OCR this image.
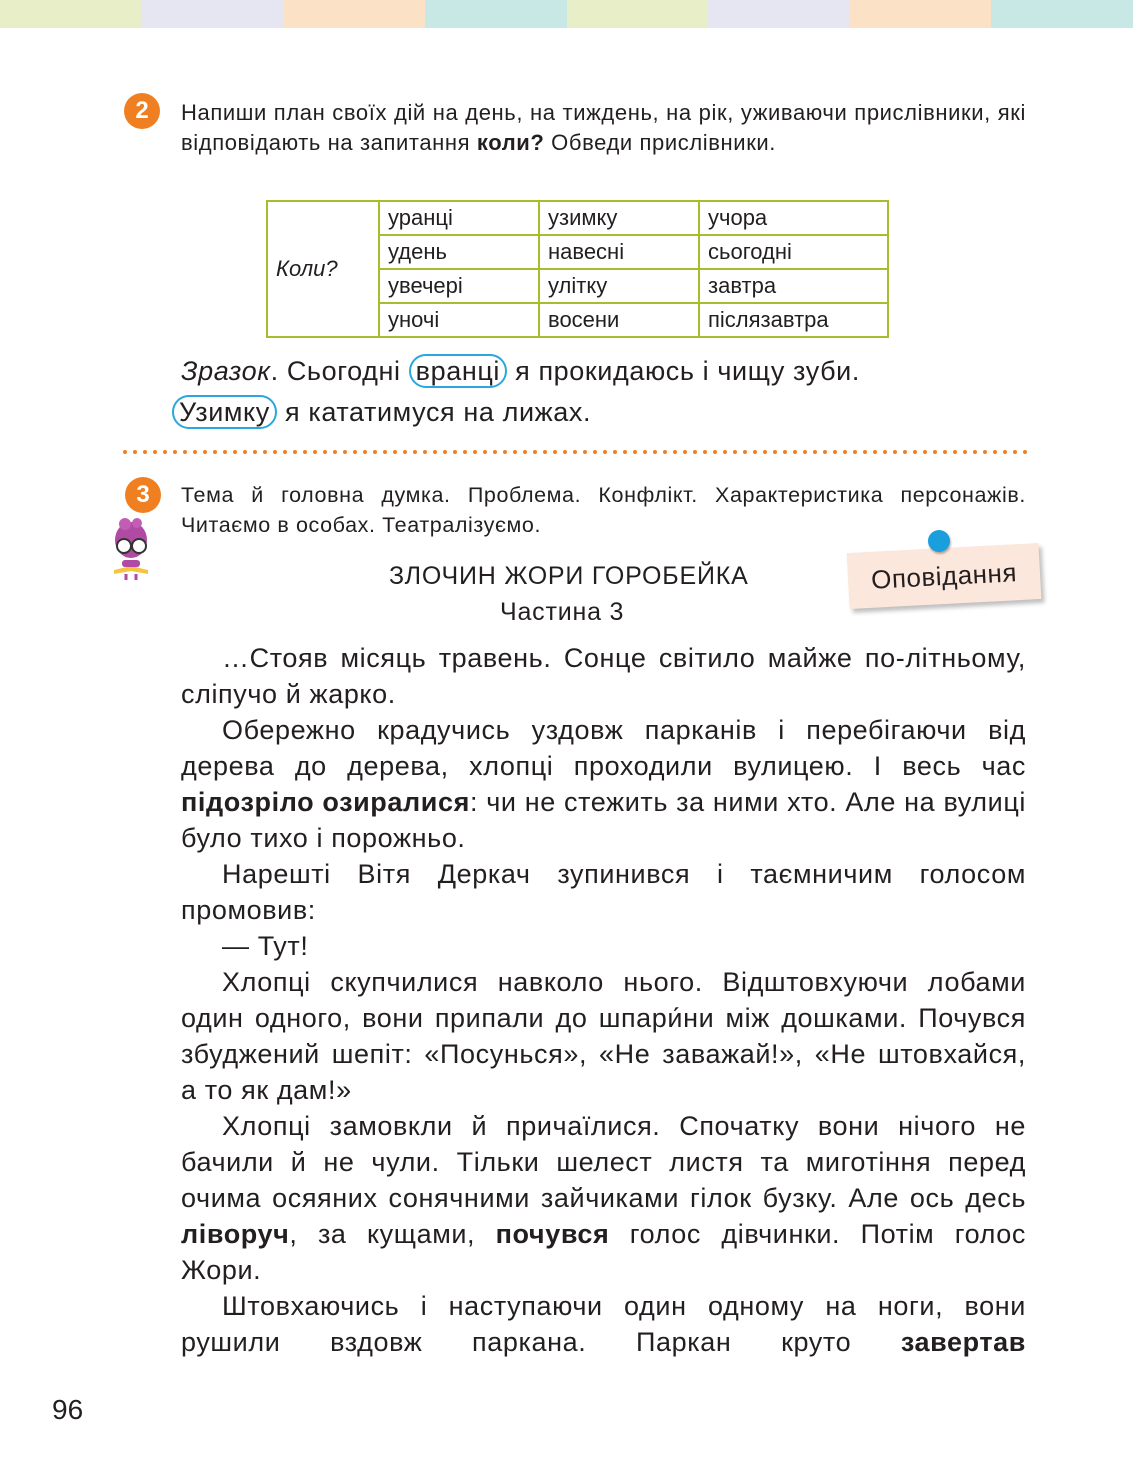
2	Напиши план своїх дій на день, на тиждень, на рік, уживаючи прислівники, які відповідають на запитання коли? Обведи прислівники.
Коли?	уранці	узимку	учора
	удень	навесні	сьогодні
	увечері	улітку	завтра
	уночі	восени	післязавтра
Зразок. Сьогодні вранці я прокидаюсь і чищу зуби.
Узимку я кататимуся на лижах.
3	Тема й головна думка. Проблема. Конфлікт. Характеристика персонажів. Читаємо в особах. Театралізуємо.
ЗЛОЧИН ЖОРИ ГОРОБЕЙКА
Частина 3
Оповідання

…Стояв місяць травень. Сонце світило майже по-літньому, сліпучо й жарко.

Обережно крадучись уздовж парканів і перебігаючи від дерева до дерева, хлопці проходили вулицею. І весь час підозріло озиралися: чи не стежить за ними хто. Але на вулиці було тихо і порожньо.

Нарешті Вітя Деркач зупинився і таємничим голосом промовив:

— Тут!

Хлопці скупчилися навколо нього. Відштовхуючи лобами один одного, вони припали до шпари́ни між дошками. Почувся збуджений шепіт: «Посунься», «Не заважай!», «Не штовхайся, а то як дам!»

Хлопці замовкли й причаїлися. Спочатку вони нічого не бачили й не чули. Тільки шелест листя та миготіння перед очима осяяних сонячними зайчиками гілок бузку. Але ось десь ліворуч, за кущами, почувся голос дівчинки. Потім голос Жори.

Штовхаючись і наступаючи один одному на ноги, вони рушили вздовж паркана. Паркан круто завертав

96
